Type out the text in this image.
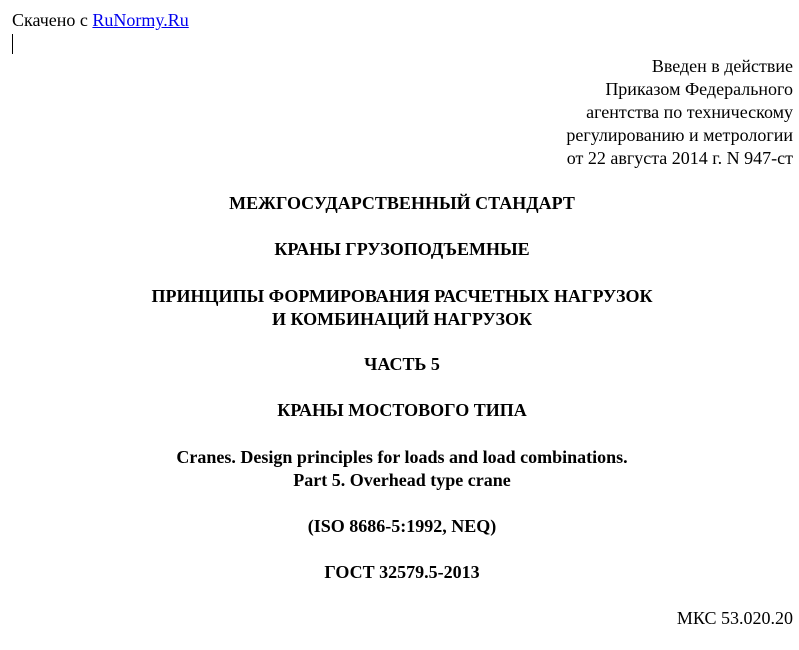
Скачено с RuNormy.Ru
Введен в действие
Приказом Федерального
агентства по техническому
регулированию и метрологии
от 22 августа 2014 г. N 947-ст
МЕЖГОСУДАРСТВЕННЫЙ СТАНДАРТ
КРАНЫ ГРУЗОПОДЪЕМНЫЕ
ПРИНЦИПЫ ФОРМИРОВАНИЯ РАСЧЕТНЫХ НАГРУЗОК
И КОМБИНАЦИЙ НАГРУЗОК
ЧАСТЬ 5
КРАНЫ МОСТОВОГО ТИПА
Cranes. Design principles for loads and load combinations.
Part 5. Overhead type crane
(ISO 8686-5:1992, NEQ)
ГОСТ 32579.5-2013
МКС 53.020.20
